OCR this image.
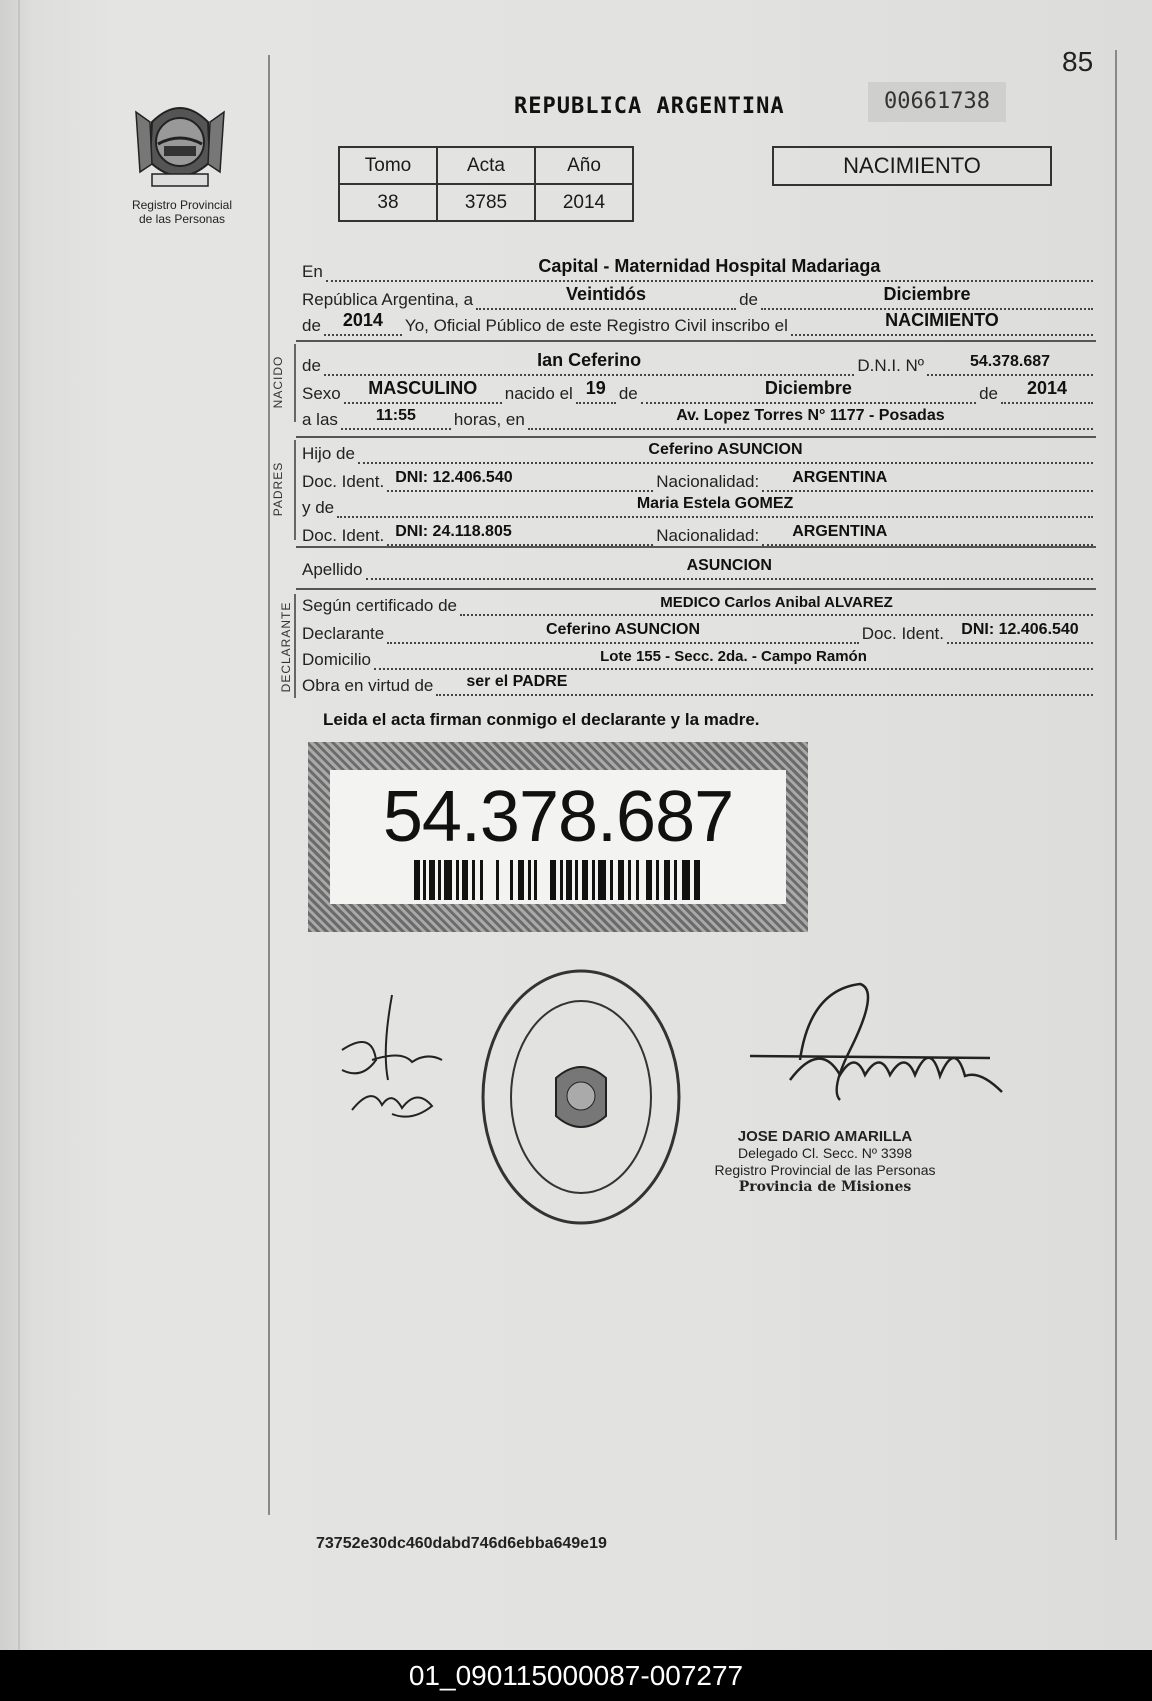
85
Registro Provincial
de las Personas
REPUBLICA ARGENTINA	00661738
Tomo	Acta	Año
38	3785	2014
NACIMIENTO
En	Capital - Maternidad Hospital Madariaga
República Argentina, a	Veintidós	de	Diciembre
de	2014	Yo, Oficial Público de este Registro Civil inscribo el	NACIMIENTO
NACIDO de	Ian Ceferino	D.N.I. Nº	54.378.687
Sexo	MASCULINO	nacido el 19 de	Diciembre	de	2014
a las	11:55	horas, en	Av. Lopez Torres N° 1177 - Posadas
PADRES
Hijo de	Ceferino ASUNCION
Doc. Ident. DNI: 12.406.540	Nacionalidad: ARGENTINA
y de	Maria Estela GOMEZ
Doc. Ident. DNI: 24.118.805	Nacionalidad: ARGENTINA
Apellido	ASUNCION
DECLARANTE Según certificado de	MEDICO Carlos Anibal ALVAREZ
Declarante	Ceferino ASUNCION	Doc. Ident.	DNI: 12.406.540
Domicilio	Lote 155 - Secc. 2da. - Campo Ramón
Obra en virtud de ser el PADRE
Leida el acta firman conmigo el declarante y la madre.
54.378.687
JOSE DARIO AMARILLA
Delegado Cl. Secc. Nº 3398
Registro Provincial de las Personas
Provincia de Misiones
73752e30dc460dabd746d6ebba649e19
01_090115000087-007277
